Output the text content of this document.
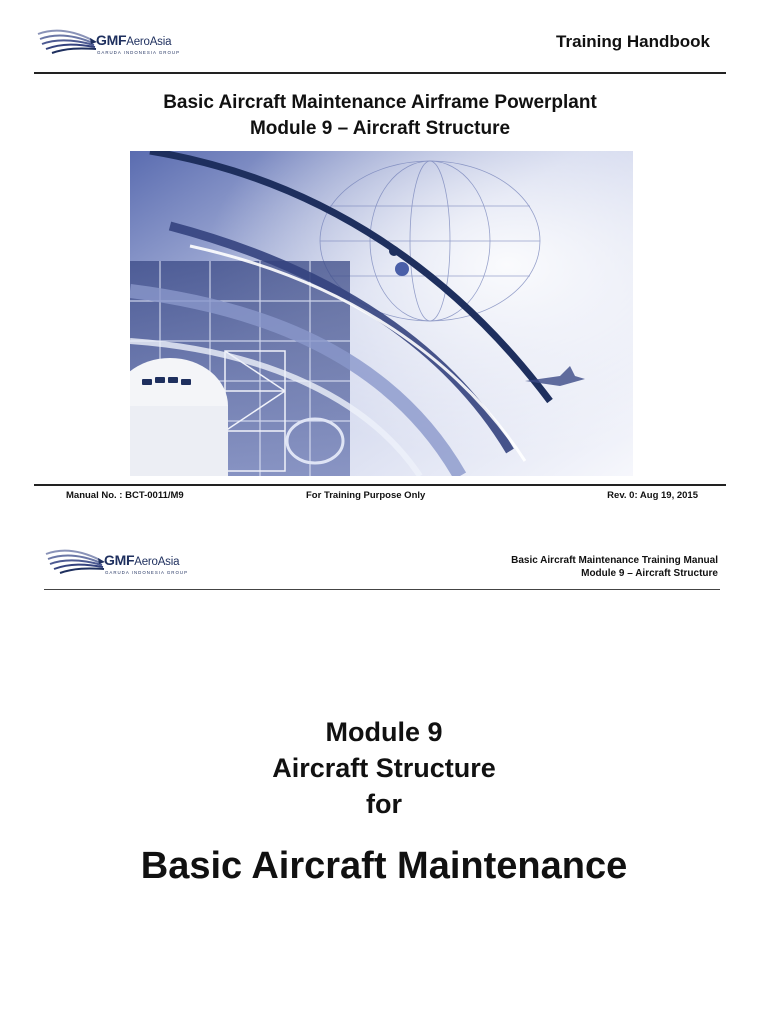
GMFAeroAsia
GARUDA INDONESIA GROUP
Training Handbook
Basic Aircraft Maintenance Airframe Powerplant
Module 9 – Aircraft Structure
Manual No. : BCT-0011/M9	For Training Purpose Only	Rev. 0: Aug 19, 2015
GMFAeroAsia
GARUDA INDONESIA GROUP
Basic Aircraft Maintenance Training Manual
Module 9 – Aircraft Structure
Module 9
Aircraft Structure
for
Basic Aircraft Maintenance
